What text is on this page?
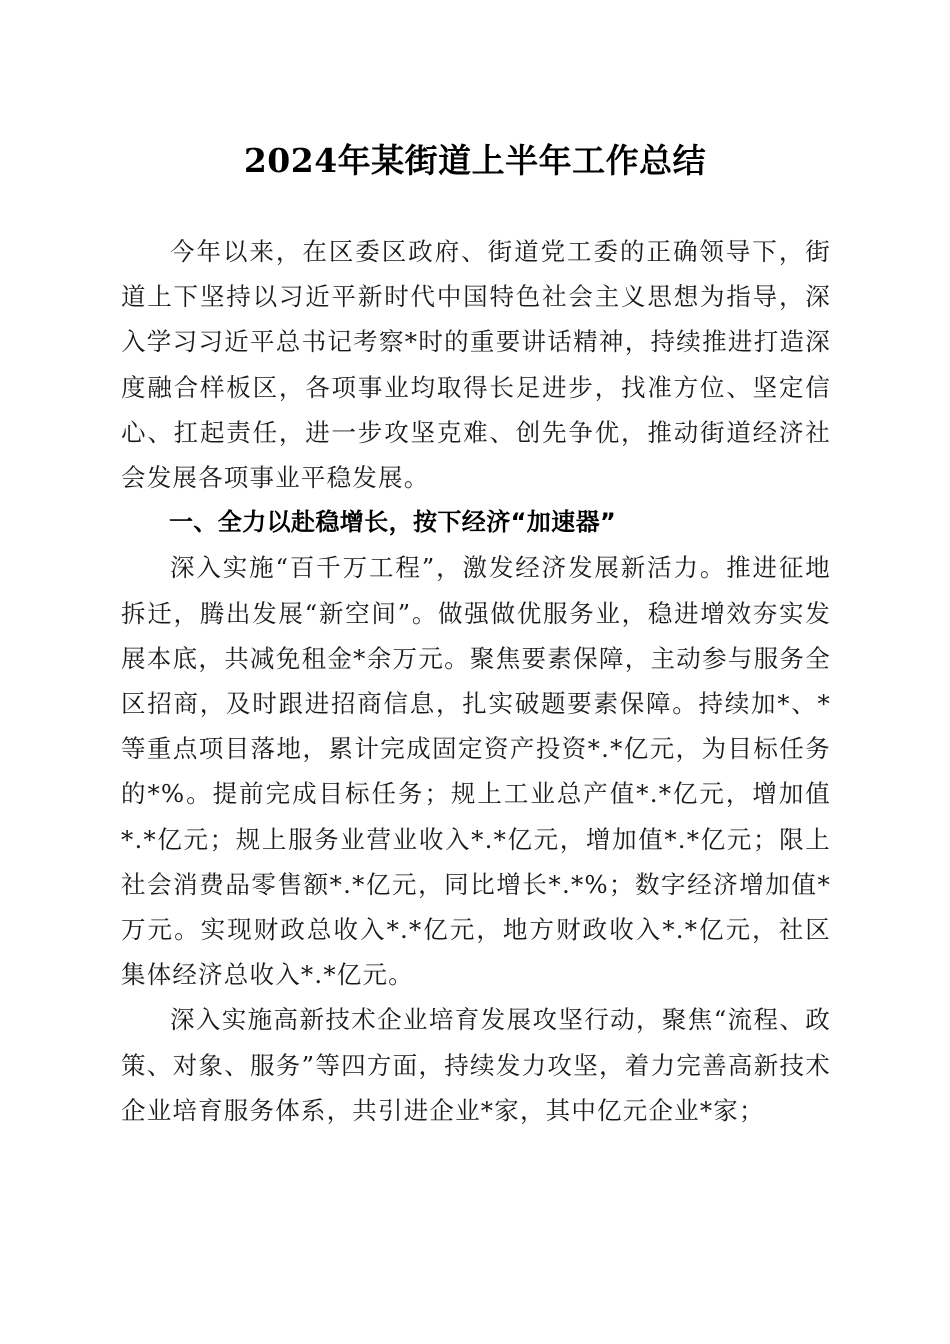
2024年某街道上半年工作总结

今年以来，在区委区政府、街道党工委的正确领导下，街道上下坚持以习近平新时代中国特色社会主义思想为指导，深入学习习近平总书记考察*时的重要讲话精神，持续推进打造深度融合样板区，各项事业均取得长足进步，找准方位、坚定信心、扛起责任，进一步攻坚克难、创先争优，推动街道经济社会发展各项事业平稳发展。

一、全力以赴稳增长，按下经济“加速器”

深入实施“百千万工程”，激发经济发展新活力。推进征地拆迁，腾出发展“新空间”。做强做优服务业，稳进增效夯实发展本底，共减免租金*余万元。聚焦要素保障，主动参与服务全区招商，及时跟进招商信息，扎实破题要素保障。持续加*、*等重点项目落地，累计完成固定资产投资*.*亿元，为目标任务的*%。提前完成目标任务；规上工业总产值*.*亿元，增加值*.*亿元；规上服务业营业收入*.*亿元，增加值*.*亿元；限上社会消费品零售额*.*亿元，同比增长*.*%；数字经济增加值*万元。实现财政总收入*.*亿元，地方财政收入*.*亿元，社区集体经济总收入*.*亿元。

深入实施高新技术企业培育发展攻坚行动，聚焦“流程、政策、对象、服务”等四方面，持续发力攻坚，着力完善高新技术企业培育服务体系，共引进企业*家，其中亿元企业*家；
